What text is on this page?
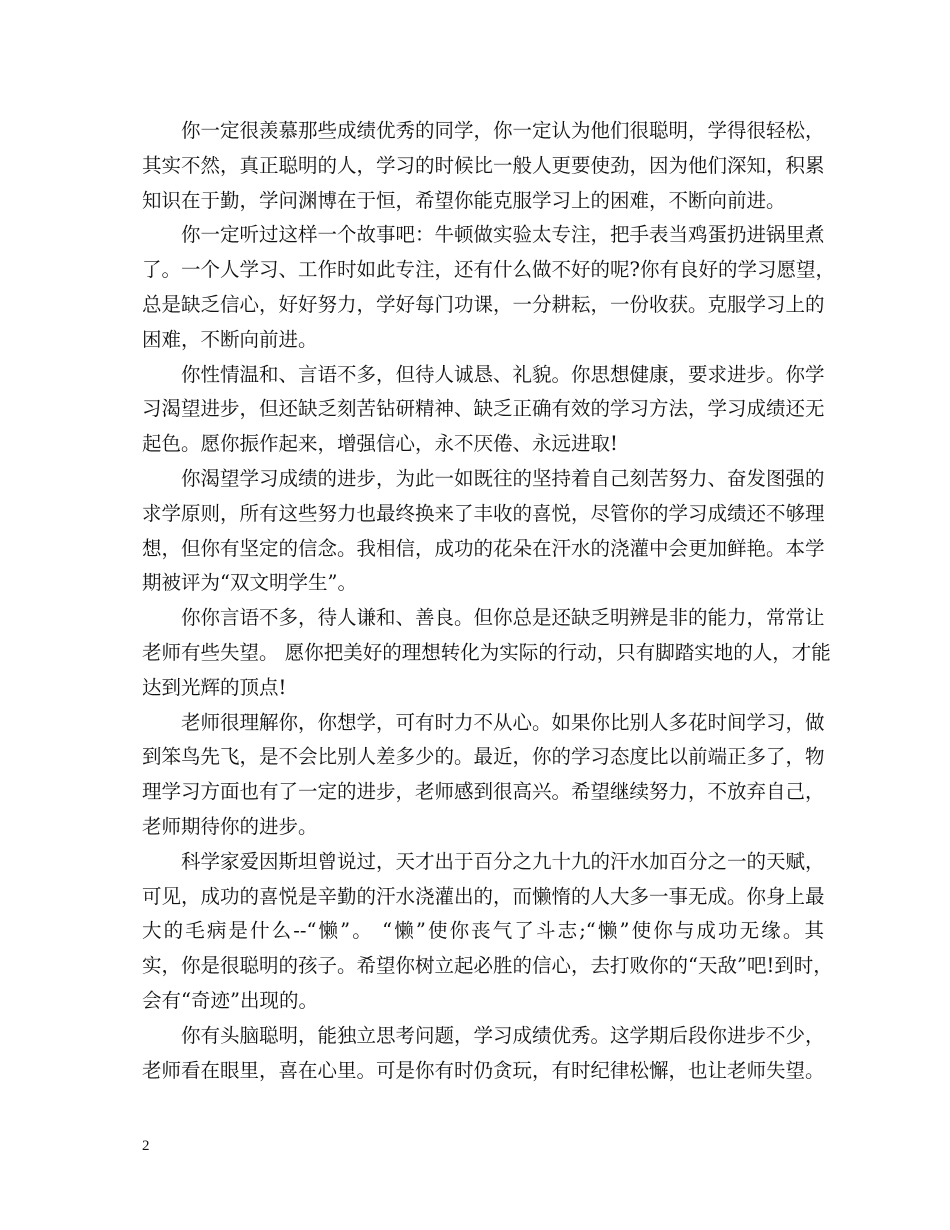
你一定很羡慕那些成绩优秀的同学，你一定认为他们很聪明，学得很轻松，
其实不然，真正聪明的人，学习的时候比一般人更要使劲，因为他们深知，积累
知识在于勤，学问渊博在于恒，希望你能克服学习上的困难，不断向前进。
你一定听过这样一个故事吧：牛顿做实验太专注，把手表当鸡蛋扔进锅里煮
了。一个人学习、工作时如此专注，还有什么做不好的呢?你有良好的学习愿望，
总是缺乏信心，好好努力，学好每门功课，一分耕耘，一份收获。克服学习上的
困难，不断向前进。
你性情温和、言语不多，但待人诚恳、礼貌。你思想健康，要求进步。你学
习渴望进步，但还缺乏刻苦钻研精神、缺乏正确有效的学习方法，学习成绩还无
起色。愿你振作起来，增强信心，永不厌倦、永远进取!
你渴望学习成绩的进步，为此一如既往的坚持着自己刻苦努力、奋发图强的
求学原则，所有这些努力也最终换来了丰收的喜悦，尽管你的学习成绩还不够理
想，但你有坚定的信念。我相信，成功的花朵在汗水的浇灌中会更加鲜艳。本学
期被评为“双文明学生”。
你你言语不多，待人谦和、善良。但你总是还缺乏明辨是非的能力，常常让
老师有些失望。 愿你把美好的理想转化为实际的行动，只有脚踏实地的人，才能
达到光辉的顶点!
老师很理解你，你想学，可有时力不从心。如果你比别人多花时间学习，做
到笨鸟先飞，是不会比别人差多少的。最近，你的学习态度比以前端正多了，物
理学习方面也有了一定的进步，老师感到很高兴。希望继续努力，不放弃自己，
老师期待你的进步。
科学家爱因斯坦曾说过，天才出于百分之九十九的汗水加百分之一的天赋，
可见，成功的喜悦是辛勤的汗水浇灌出的，而懒惰的人大多一事无成。你身上最
大的毛病是什么--“懒”。 “懒”使你丧气了斗志;“懒”使你与成功无缘。其
实，你是很聪明的孩子。希望你树立起必胜的信心，去打败你的“天敌”吧!到时，
会有“奇迹”出现的。
你有头脑聪明，能独立思考问题，学习成绩优秀。这学期后段你进步不少，
老师看在眼里，喜在心里。可是你有时仍贪玩，有时纪律松懈，也让老师失望。
2
